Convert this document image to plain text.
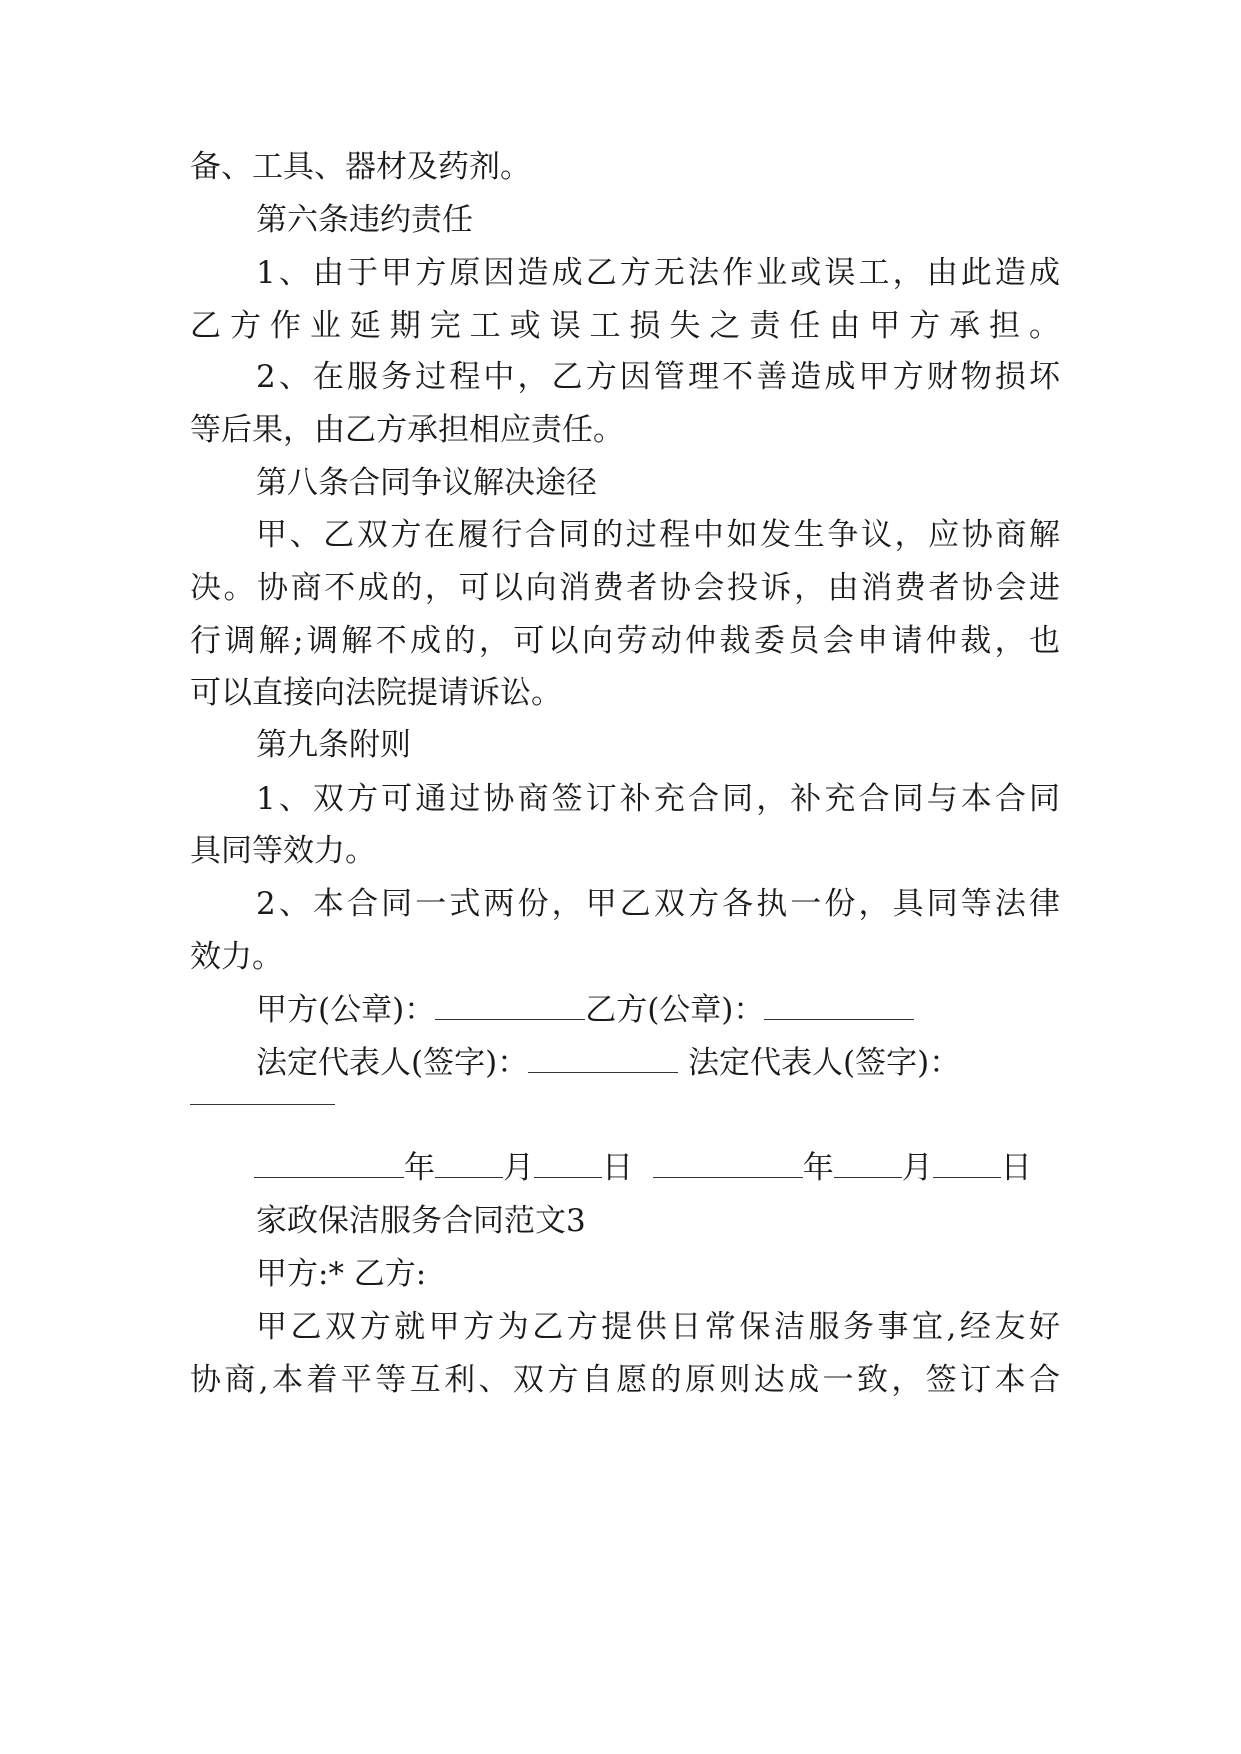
备、工具、器材及药剂。
第六条违约责任
1、由于甲方原因造成乙方无法作业或误工，由此造成
乙方作业延期完工或误工损失之责任由甲方承担。
2、在服务过程中，乙方因管理不善造成甲方财物损坏
等后果，由乙方承担相应责任。
第八条合同争议解决途径
甲、乙双方在履行合同的过程中如发生争议，应协商解
决。协商不成的，可以向消费者协会投诉，由消费者协会进
行调解;调解不成的，可以向劳动仲裁委员会申请仲裁，也
可以直接向法院提请诉讼。
第九条附则
1、双方可通过协商签订补充合同，补充合同与本合同
具同等效力。
2、本合同一式两份，甲乙双方各执一份，具同等法律
效力。
甲方(公章)：	乙方(公章)：
法定代表人(签字)：	法定代表人(签字)：
年 月 日	年 月 日
家政保洁服务合同范文3
甲方:* 乙方:
甲乙双方就甲方为乙方提供日常保洁服务事宜,经友好
协商,本着平等互利、双方自愿的原则达成一致，签订本合
